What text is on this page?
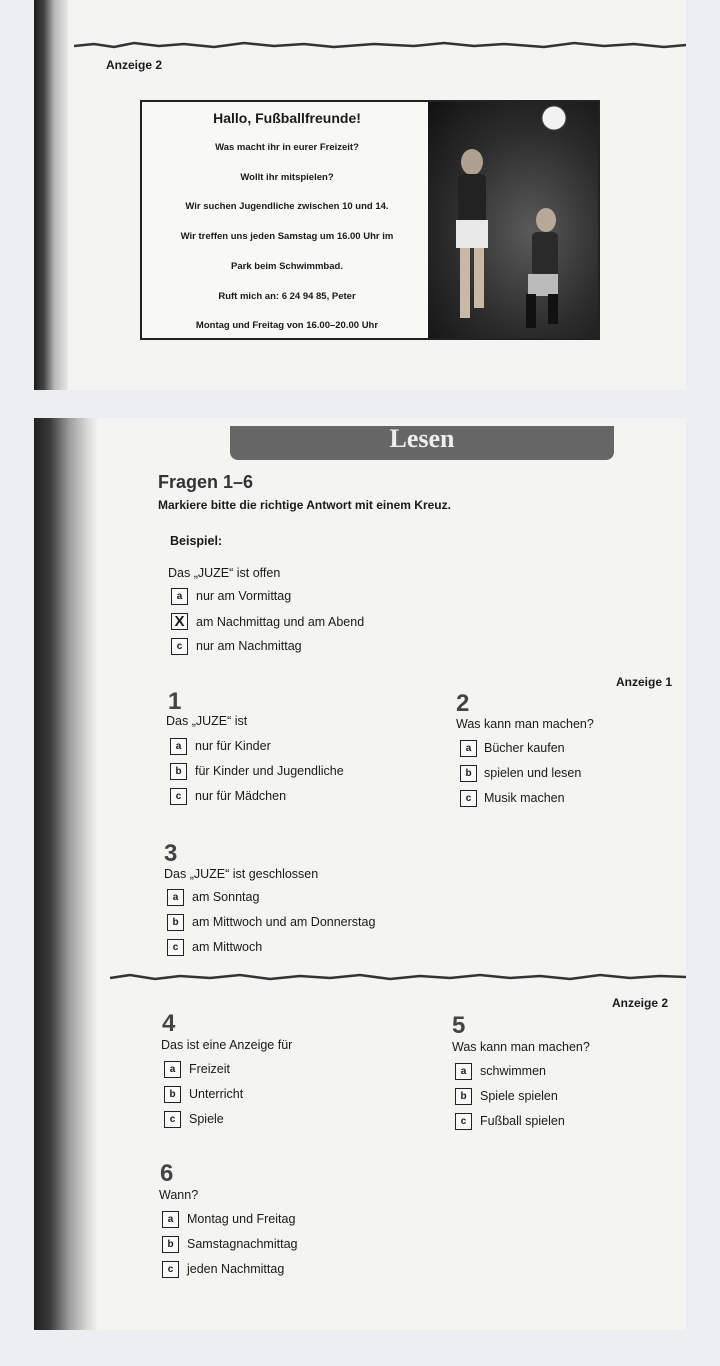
Anzeige 2
Hallo, Fußballfreunde!
Was macht ihr in eurer Freizeit?
Wollt ihr mitspielen?
Wir suchen Jugendliche zwischen 10 und 14.
Wir treffen uns jeden Samstag um 16.00 Uhr im
Park beim Schwimmbad.
Ruft mich an: 6 24 94 85, Peter
Montag und Freitag von 16.00–20.00 Uhr
Lesen
Fragen 1–6
Markiere bitte die richtige Antwort mit einem Kreuz.
Beispiel:
Das „JUZE“ ist offen
a	nur am Vormittag
X am Nachmittag und am Abend
c	nur am Nachmittag
Anzeige 1
1
Das „JUZE“ ist
a	nur für Kinder
b	für Kinder und Jugendliche
c	nur für Mädchen
2
Was kann man machen?
a	Bücher kaufen
b spielen und lesen
c	Musik machen
3
Das „JUZE“ ist geschlossen
a	am Sonntag
b	am Mittwoch und am Donnerstag
c	am Mittwoch
Anzeige 2
4
Das ist eine Anzeige für
a	Freizeit
b	Unterricht
c	Spiele
5
Was kann man machen?
a	schwimmen
b	Spiele spielen
c	Fußball spielen
6
Wann?
a	Montag und Freitag
b	Samstagnachmittag
c	jeden Nachmittag
